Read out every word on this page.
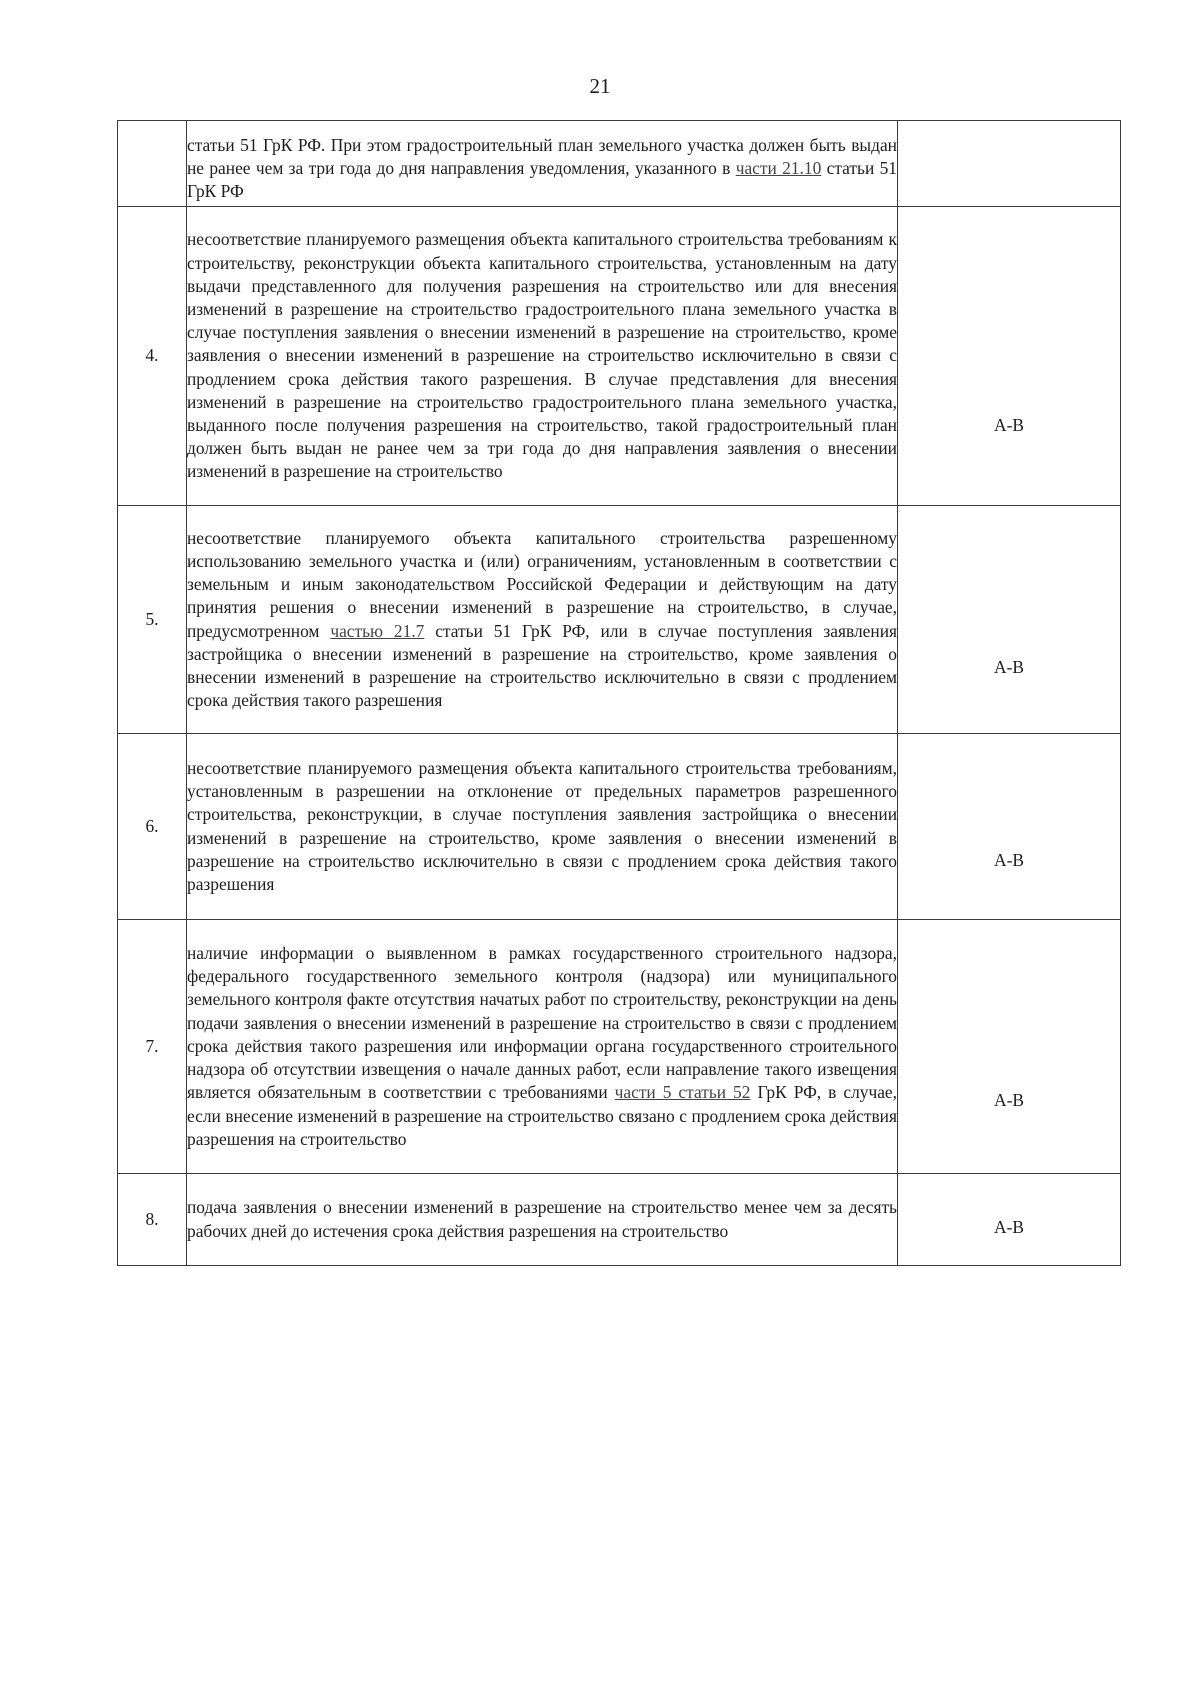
21
	статьи 51 ГрК РФ. При этом градостроительный план земельного участка должен быть выдан не ранее чем за три года до дня направления уведомления, указанного в части 21.10 статьи 51 ГрК РФ	

4.	несоответствие планируемого размещения объекта капитального строительства требованиям к строительству, реконструкции объекта капитального строительства, установленным на дату выдачи представленного для получения разрешения на строительство или для внесения изменений в разрешение на строительство градостроительного плана земельного участка в случае поступления заявления о внесении изменений в разрешение на строительство, кроме заявления о внесении изменений в разрешение на строительство исключительно в связи с продлением срока действия такого разрешения. В случае представления для внесения изменений в разрешение на строительство градостроительного плана земельного участка, выданного после получения разрешения на строительство, такой градостроительный план должен быть выдан не ранее чем за три года до дня направления заявления о внесении изменений в разрешение на строительство	А-В

5.	несоответствие планируемого объекта капитального строительства разрешенному использованию земельного участка и (или) ограничениям, установленным в соответствии с земельным и иным законодательством Российской Федерации и действующим на дату принятия решения о внесении изменений в разрешение на строительство, в случае, предусмотренном частью 21.7 статьи 51 ГрК РФ, или в случае поступления заявления застройщика о внесении изменений в разрешение на строительство, кроме заявления о внесении изменений в разрешение на строительство исключительно в связи с продлением срока действия такого разрешения	А-В

6.	несоответствие планируемого размещения объекта капитального строительства требованиям, установленным в разрешении на отклонение от предельных параметров разрешенного строительства, реконструкции, в случае поступления заявления застройщика о внесении изменений в разрешение на строительство, кроме заявления о внесении изменений в разрешение на строительство исключительно в связи с продлением срока действия такого разрешения	А-В

7.	наличие информации о выявленном в рамках государственного строительного надзора, федерального государственного земельного контроля (надзора) или муниципального земельного контроля факте отсутствия начатых работ по строительству, реконструкции на день подачи заявления о внесении изменений в разрешение на строительство в связи с продлением срока действия такого разрешения или информации органа государственного строительного надзора об отсутствии извещения о начале данных работ, если направление такого извещения является обязательным в соответствии с требованиями части 5 статьи 52 ГрК РФ, в случае, если внесение изменений в разрешение на строительство связано с продлением срока действия разрешения на строительство	А-В

8.	подача заявления о внесении изменений в разрешение на строительство менее чем за десять рабочих дней до истечения срока действия разрешения на строительство	А-В
